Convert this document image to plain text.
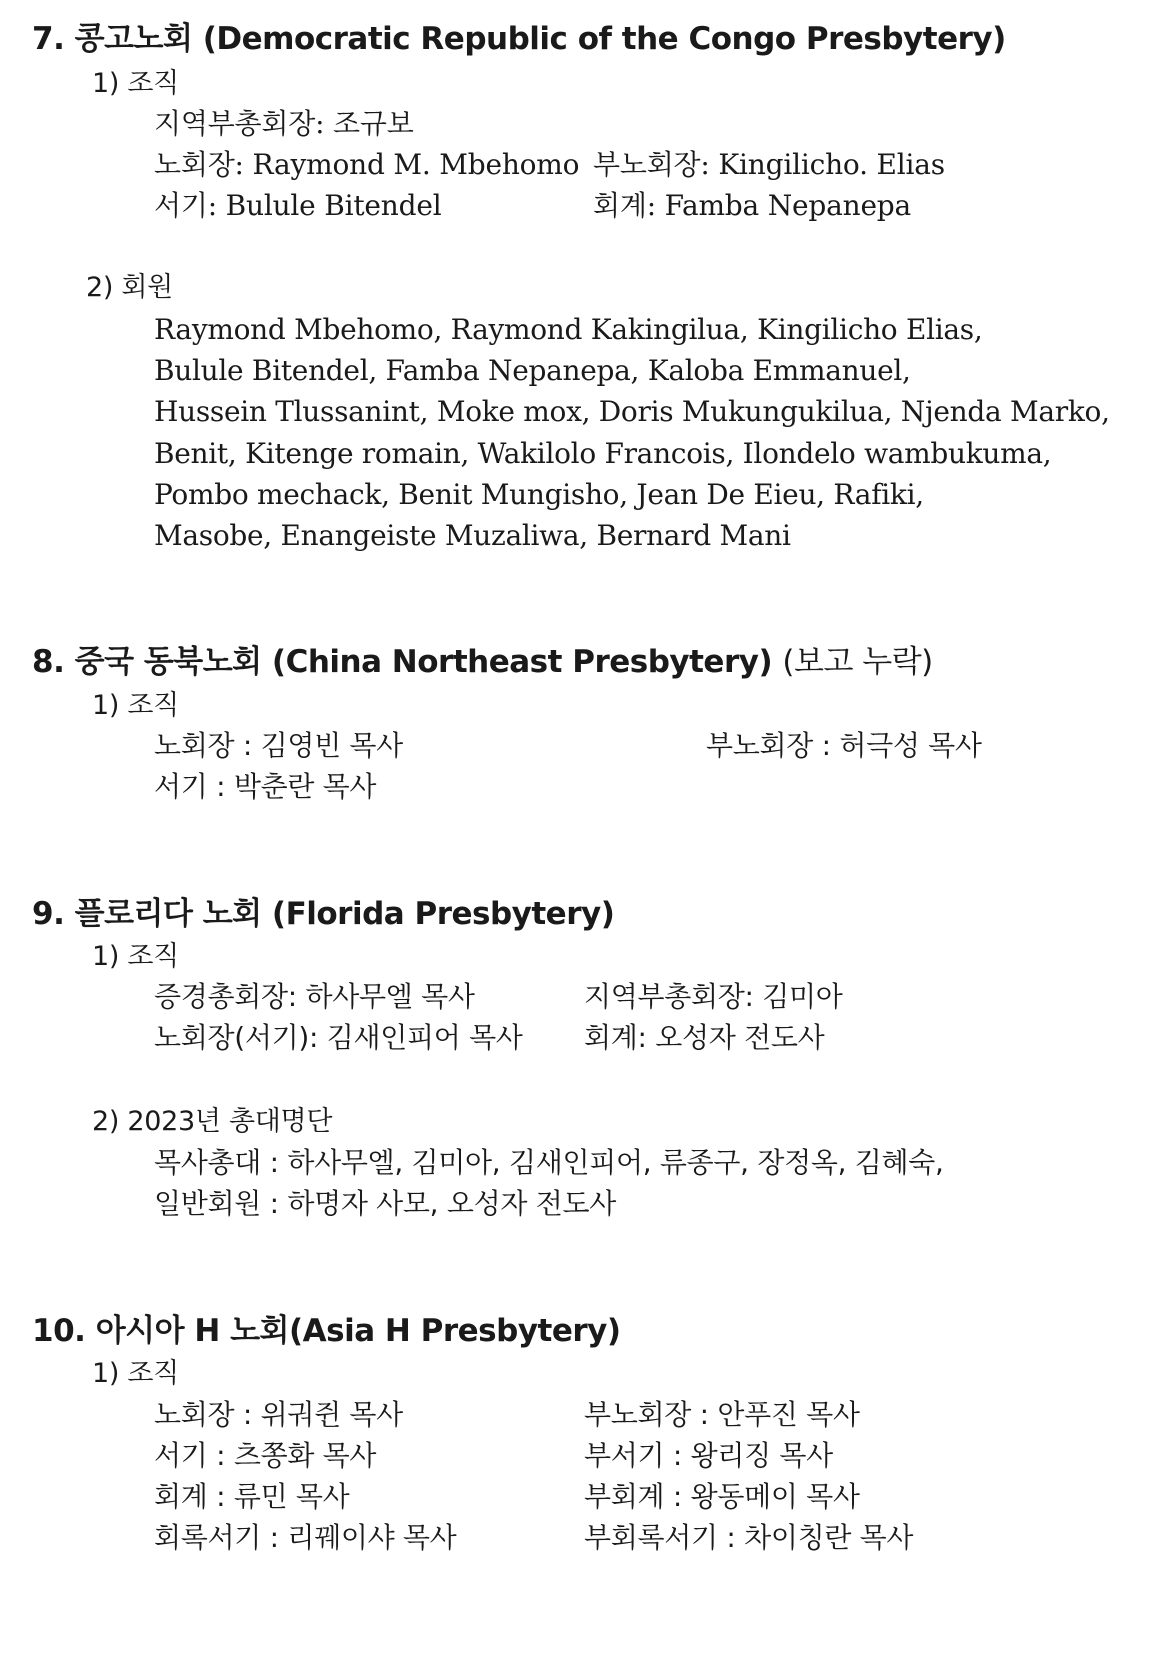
7. 콩고노회 (Democratic Republic of the Congo Presbytery)
1) 조직
지역부총회장: 조규보
노회장: Raymond M. Mbehomo 부노회장: Kingilicho. Elias
서기: Bulule Bitendel	회계: Famba Nepanepa
2) 회원
Raymond Mbehomo, Raymond Kakingilua, Kingilicho Elias,
Bulule Bitendel, Famba Nepanepa, Kaloba Emmanuel,
Hussein Tlussanint, Moke mox, Doris Mukungukilua, Njenda Marko,
Benit, Kitenge romain, Wakilolo Francois, Ilondelo wambukuma,
Pombo mechack, Benit Mungisho, Jean De Eieu, Rafiki,
Masobe, Enangeiste Muzaliwa, Bernard Mani
8. 중국 동북노회 (China Northeast Presbytery) (보고 누락)
1) 조직
노회장 : 김영빈 목사	부노회장 : 허극성 목사
서기 : 박춘란 목사
9. 플로리다 노회 (Florida Presbytery)
1) 조직
증경총회장: 하사무엘 목사	지역부총회장: 김미아
노회장(서기): 김새인피어 목사 회계: 오성자 전도사
2) 2023년 총대명단
목사총대 : 하사무엘, 김미아, 김새인피어, 류종구, 장정옥, 김혜숙,
일반회원 : 하명자 사모, 오성자 전도사
10. 아시아 H 노회(Asia H Presbytery)
1) 조직
노회장 : 위궈쥔 목사	부노회장 : 안푸진 목사
서기 : 츠쫑화 목사	부서기 : 왕리징 목사
회계 : 류민 목사	부회계 : 왕동메이 목사
회록서기 : 리꿰이샤 목사	부회록서기 : 차이칭란 목사
